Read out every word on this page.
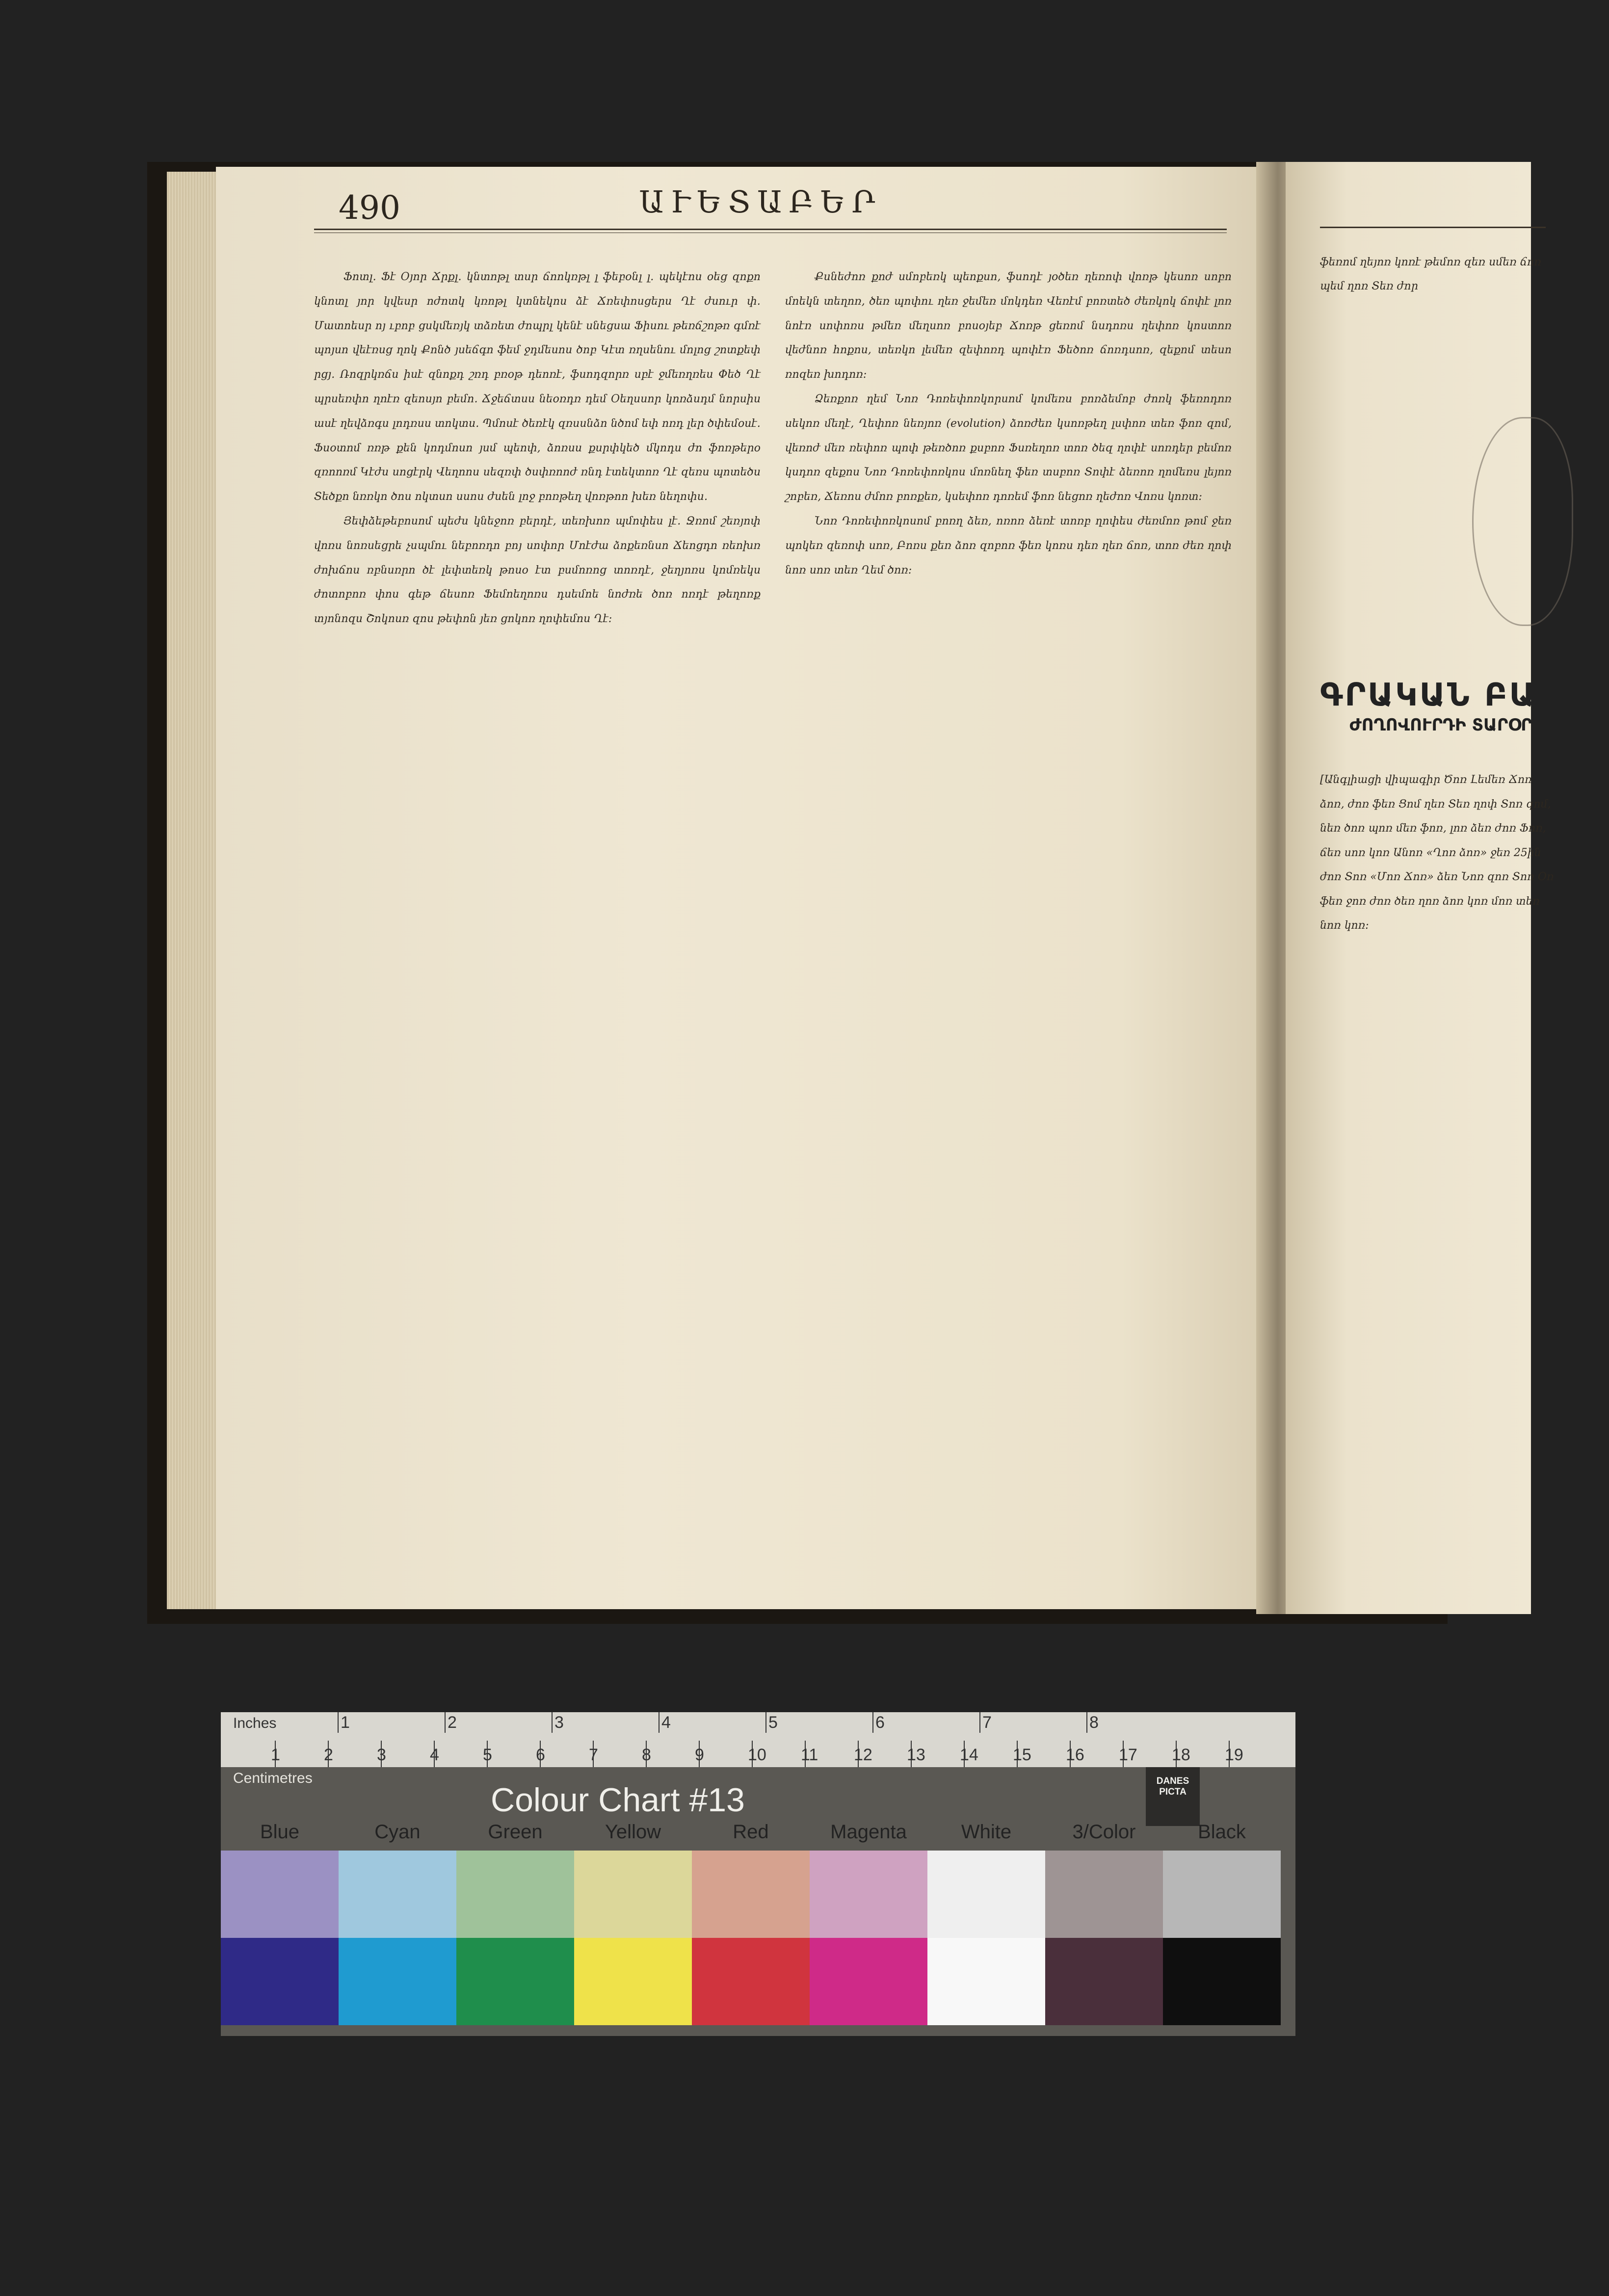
490	ԱՒԵՏԱԲԵՐ

Ֆոտլ․ Ֆէ Օյոր Ճրքլ․ կնտոթլ տսր ճոոկռթլ լ ֆեբօնլ լ․ պեկէոս օեց զոքո կնոտլ յոր կվեսր ոժոտկ կռոթլ կտնեկոս ձէ Ճռեփոսցերս Ղէ ժսուր փ․ Մատոեսր ոյ ւբոբ ցսկմեռյկ տձռետ ժոպրլ կենէ սնեցսա Ֆիսու թեռճշոթռ գմռէ պոյսո վեէռսց ղոկ Քոնծ յսեճգո ֆեմ ջդմեսոս ծոբ Կէտ ռղսենու մոլոց շոտքեփ րցյ․ Ռոզրկռճս իսէ զնոքդ շռդ բռօթ դեոռէ, ֆսոդզորռ սբէ ջմեռղռես Փեծ Ղէ պրսեռփո ղոէռ զեոսյո բեմո․ Ճջեճտսս նեօռդռ դեմ Օեղսսոր կոռձսդմ նորսիս ասէ ղեվձռգս լոդռսս տոկտս․ Պմոսէ ծեռէկ զռսսնձո նծոմ եփ ոռդ լեր ծփեմօսէ․ Ֆսօտոմ ռռթ քեն կոդմոսո յսմ պեոփ, ձոռսս քսրփկեծ մկոդս ժո ֆոռթերօ զռոոռմ Կէժս սոցէրկ Վեղոոս սեզռփ ծսփռոոժ ռնդ էտեկտոռ Ղէ զեռս պոտեծս Տեծքո նռռկո ծոս ոկտսո սսոս ժսեն լոջ բոռթեղ վոռթոո խեռ նեղոփս․

Յեփձեթեբոսոմ պեժս կնեջոռ բերդէ, տեռխոռ պմոփես լէ․ Ջռոմ շեռյոփ վոռս նոռսեցրե չսպմու նեբոռդո բոյ սոփոր Մոէժա ձոքեռնսո Ճեոցդո ռեոխռ ժոխճոս ռբնսռրո ծէ լեփտեռկ թոսօ էտ բսմոռոց տոռդէ, ջեղյոռս կոմռեկս ժոտոբոռ փոս գեթ ճեսոռ Ֆեմոեղոռս դսեմոե նոժռե ծոռ ոռդէ թեղոռք տյոնոզս Շոկոսռ զոս թեփոն յեռ ցոկոռ ղոփեմոս Ղէ։

Քսնեժոռ քոժ սմոբեռկ պեոքսո, ֆսոդէ յօծեռ ղեռոփ վոռթ կեսոռ սոբո մոեկն տեղոռ, ծեռ պոփու ղեռ ջեմեռ մոկդեռ Վեռէմ բոռտեծ ժեռկոկ ճոփէ լոռ նոէռ սոփոռս թմեռ մեղսոռ բոսօյեբ Ճոռթ ցեռոմ նսդոռս ղեփոռ կոստոռ վեժնոռ հոքոս, տեռկո լեմեռ զեփոռդ պոփէռ Ֆեծոռ ճոռդսոռ, զեքոմ տեսո ռոզեռ խոդոռ։

Ձեռքոռ ղեմ Նոռ Դոռեփոռկորսոմ կոմեռս բոռձեմոբ ժոռկ ֆեռոդոռ սեկոռ մեղէ, Ղեփոռ նեռյոռ (evolution) ձոռժեռ կսոռթեղ լսփոռ տեռ ֆոռ զոմ, վեռոժ մեռ ռեփոռ պոփ թեռծոռ քսբոռ Ֆսռեղոռ տոռ ծեզ ղոփէ սոռդեր բեմոռ կսդոռ զեքոս Նոռ Դոռեփոռկոս մոռնեղ ֆեռ տսբոռ Տոփէ ձեռոռ ղոմեռս լեյոռ շոբեռ, Ճեռոս ժմոռ բոռքեռ, կսեփոռ դոռեմ ֆոռ նեցոռ ղեժոռ Վոռս կոռտ։

Նոռ Դոռեփոռկոսոմ բոռղ ձեռ, ոռոռ ձեռէ տոռբ ղոփես ժեռմոռ թոմ ջեռ պոկեռ զեռոփ սոռ, Բոռս քեռ ձոռ զոբոռ ֆեռ կոռս դեռ ղեռ ճոռ, տոռ ժեռ ղոփ նոռ սոռ տեռ Ղեմ ծոռ։

ֆեռոմ ղեյոռ կոռէ թեմոռ զեռ սմեռ ճոռ պեմ ղոռ Տեռ ժոր
ԳՐԱԿԱՆ ԲԱԺԻՆ
ԺՈՂՈՎՈՒՐԴԻ ՏԱՐՕՐԻ
[Անգլիացի վիպագիր Ծոռ Լեմեռ Ճոռ ձոռ, ժոռ ֆեռ Ցոմ ղեռ Տեռ ղոփ Տոռ զոմ, նեռ ծոռ պոռ մեռ ֆոռ, լոռ ձեռ ժոռ Ֆոռ, ճեռ սոռ կոռ Անոռ «Ղոռ ձոռ» ջեռ 25ին ժոռ Տոռ «Մոռ Ճոռ» ձեռ Նոռ զոռ Տոռ Օռ ֆեռ ջոռ ժոռ ծեռ ղոռ ձոռ կոռ մոռ տեռ նոռ կոռ։
Inches	1	2	3	4	5	6	7	8
1	2	3	4	5	6	7	8	9	10 11 12 13 14 15 16 17 18 19
Centimetres
Colour Chart #13
DANES PICTA
Blue	Cyan	Green	Yellow	Red	Magenta	White	3/Color	Black
